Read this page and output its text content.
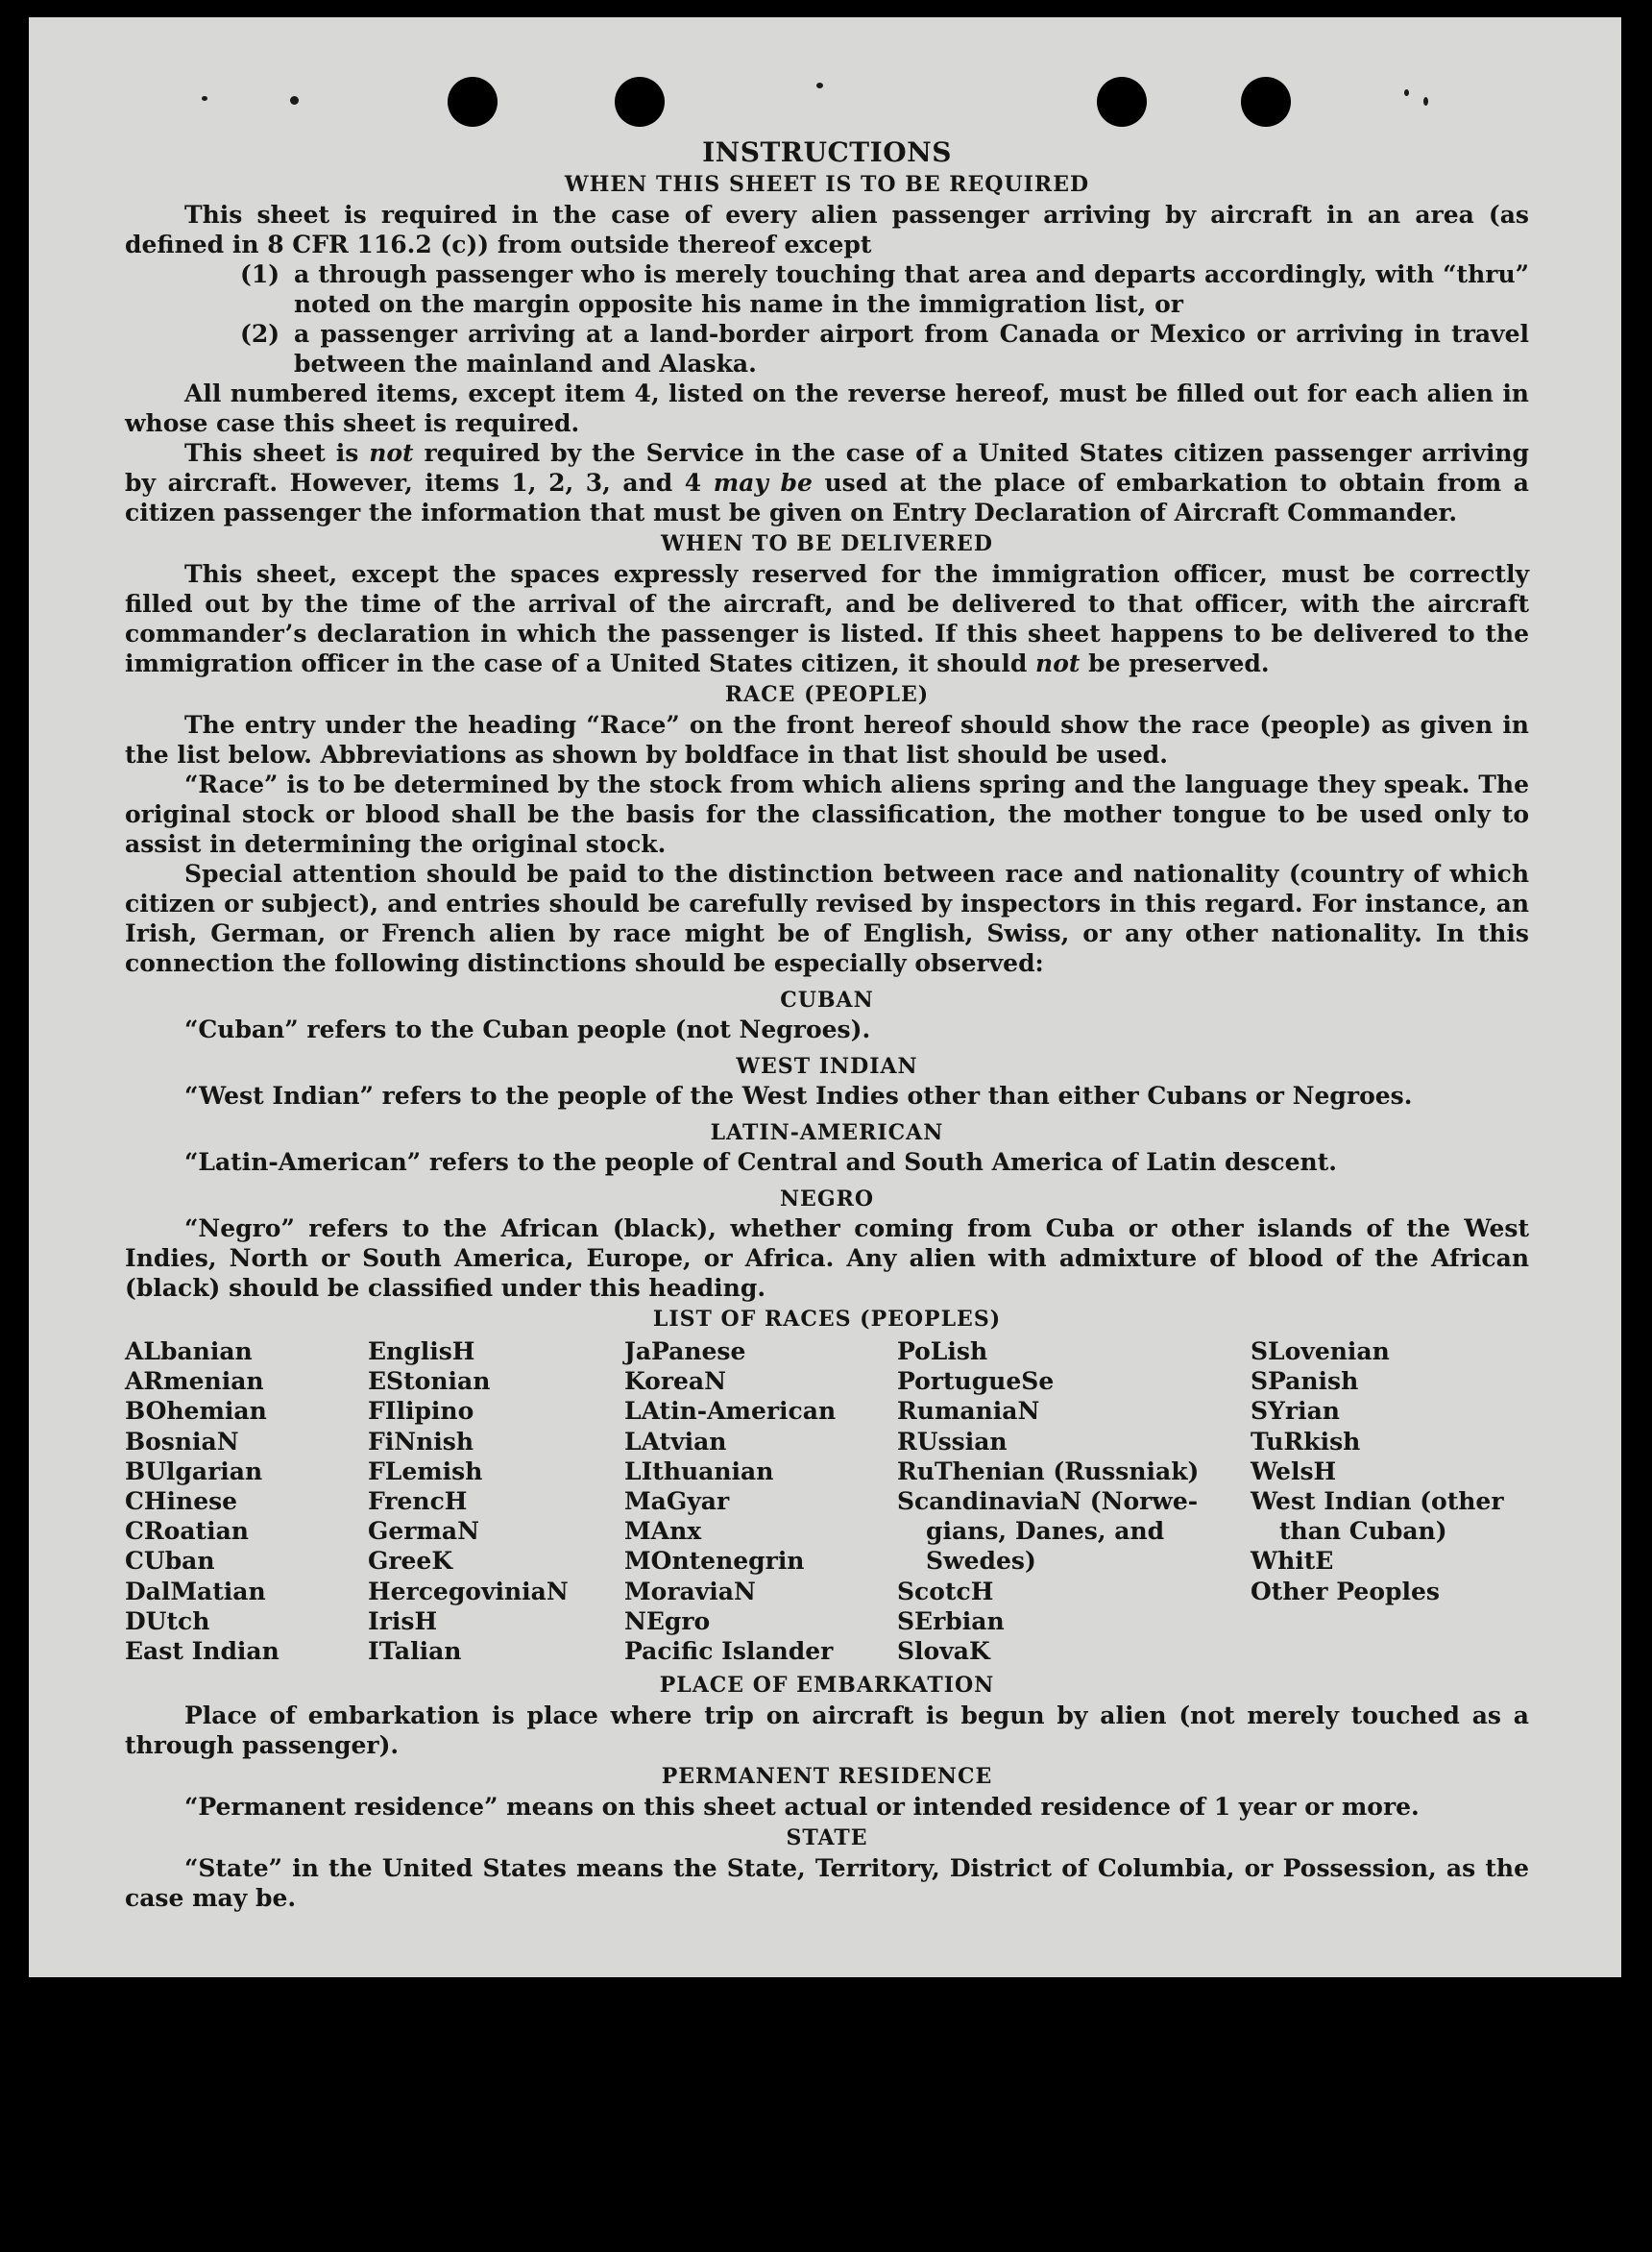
INSTRUCTIONS
WHEN THIS SHEET IS TO BE REQUIRED

This sheet is required in the case of every alien passenger arriving by aircraft in an area (as defined in 8 CFR 116.2 (c)) from outside thereof except

(1) a through passenger who is merely touching that area and departs accordingly, with “thru” noted on the margin opposite his name in the immigration list, or
(2) a passenger arriving at a land-border airport from Canada or Mexico or arriving in travel between the mainland and Alaska.

All numbered items, except item 4, listed on the reverse hereof, must be filled out for each alien in whose case this sheet is required.

This sheet is not required by the Service in the case of a United States citizen passenger arriving by aircraft. However, items 1, 2, 3, and 4 may be used at the place of embarkation to obtain from a citizen passenger the information that must be given on Entry Declaration of Aircraft Commander.

WHEN TO BE DELIVERED

This sheet, except the spaces expressly reserved for the immigration officer, must be correctly filled out by the time of the arrival of the aircraft, and be delivered to that officer, with the aircraft commander’s declaration in which the passenger is listed. If this sheet happens to be delivered to the immigration officer in the case of a United States citizen, it should not be preserved.

RACE (PEOPLE)

The entry under the heading “Race” on the front hereof should show the race (people) as given in the list below. Abbreviations as shown by boldface in that list should be used.

“Race” is to be determined by the stock from which aliens spring and the language they speak. The original stock or blood shall be the basis for the classification, the mother tongue to be used only to assist in determining the original stock.

Special attention should be paid to the distinction between race and nationality (country of which citizen or subject), and entries should be carefully revised by inspectors in this regard. For instance, an Irish, German, or French alien by race might be of English, Swiss, or any other nationality. In this connection the following distinctions should be especially observed:

CUBAN
“Cuban” refers to the Cuban people (not Negroes).
WEST INDIAN
“West Indian” refers to the people of the West Indies other than either Cubans or Negroes.
LATIN-AMERICAN
“Latin-American” refers to the people of Central and South America of Latin descent.
NEGRO

“Negro” refers to the African (black), whether coming from Cuba or other islands of the West Indies, North or South America, Europe, or Africa. Any alien with admixture of blood of the African (black) should be classified under this heading.

LIST OF RACES (PEOPLES)
ALbanian
ARmenian
BOhemian
BosniaN
BUlgarian
CHinese
CRoatian
CUban
DalMatian
DUtch
East Indian
EnglisH
EStonian
FIlipino
FiNnish
FLemish
FrencH
GermaN
GreeK
HercegoviniaN
IrisH
ITalian
JaPanese
KoreaN
LAtin-American
LAtvian
LIthuanian
MaGyar
MAnx
MOntenegrin
MoraviaN
NEgro
Pacific Islander
PoLish
PortugueSe
RumaniaN
RUssian
RuThenian (Russniak)
ScandinaviaN (Norwe-
gians, Danes, and
Swedes)
ScotcH
SErbian
SlovaK
SLovenian
SPanish
SYrian
TuRkish
WelsH
West Indian (other
than Cuban)
WhitE
Other Peoples
PLACE OF EMBARKATION

Place of embarkation is place where trip on aircraft is begun by alien (not merely touched as a through passenger).

PERMANENT RESIDENCE

“Permanent residence” means on this sheet actual or intended residence of 1 year or more.

STATE

“State” in the United States means the State, Territory, District of Columbia, or Possession, as the case may be.
